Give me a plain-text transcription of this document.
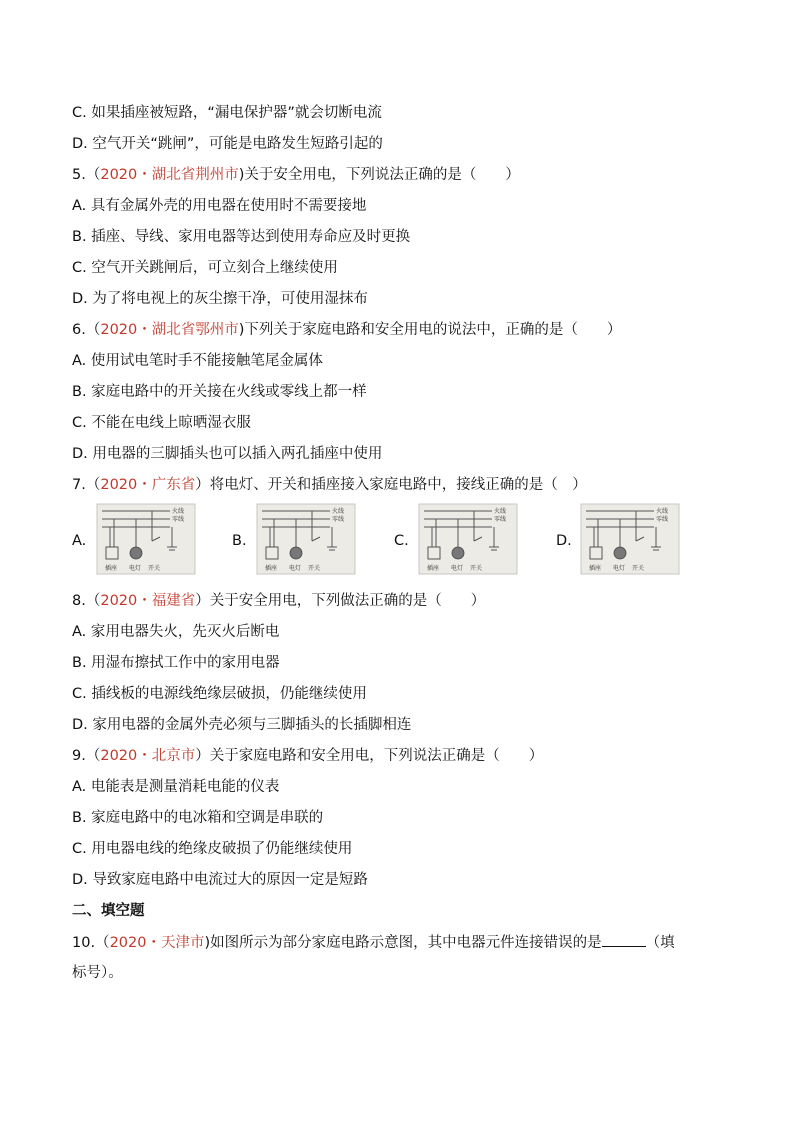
C. 如果插座被短路，“漏电保护器”就会切断电流
D. 空气开关“跳闸”，可能是电路发生短路引起的
5.（2020・湖北省荆州市)关于安全用电，下列说法正确的是（　　）
A. 具有金属外壳的用电器在使用时不需要接地
B. 插座、导线、家用电器等达到使用寿命应及时更换
C. 空气开关跳闸后，可立刻合上继续使用
D. 为了将电视上的灰尘擦干净，可使用湿抹布
6.（2020・湖北省鄂州市)下列关于家庭电路和安全用电的说法中，正确的是（　　）
A. 使用试电笔时手不能接触笔尾金属体
B. 家庭电路中的开关接在火线或零线上都一样
C. 不能在电线上晾晒湿衣服
D. 用电器的三脚插头也可以插入两孔插座中使用
7.（2020・广东省）将电灯、开关和插座接入家庭电路中，接线正确的是（　）
A.
火线
零线
插座 电灯 开关
B.
火线
零线
插座 电灯 开关
C.
火线
零线
插座 电灯 开关
D.
火线
零线
插座 电灯 开关
8.（2020・福建省）关于安全用电，下列做法正确的是（　　）
A. 家用电器失火，先灭火后断电
B. 用湿布擦拭工作中的家用电器
C. 插线板的电源线绝缘层破损，仍能继续使用
D. 家用电器的金属外壳必须与三脚插头的长插脚相连
9.（2020・北京市）关于家庭电路和安全用电，下列说法正确是（　　）
A. 电能表是测量消耗电能的仪表
B. 家庭电路中的电冰箱和空调是串联的
C. 用电器电线的绝缘皮破损了仍能继续使用
D. 导致家庭电路中电流过大的原因一定是短路
二、填空题
10.（2020・天津市)如图所示为部分家庭电路示意图，其中电器元件连接错误的是	（填
标号）。
